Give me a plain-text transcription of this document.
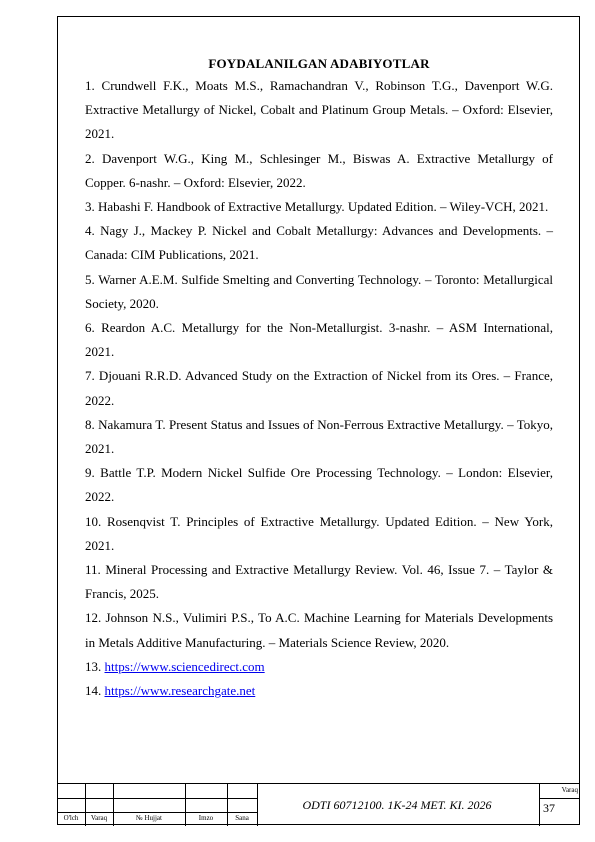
FOYDALANILGAN ADABIYOTLAR

1. Crundwell F.K., Moats M.S., Ramachandran V., Robinson T.G., Davenport W.G. Extractive Metallurgy of Nickel, Cobalt and Platinum Group Metals. – Oxford: Elsevier, 2021.

2. Davenport W.G., King M., Schlesinger M., Biswas A. Extractive Metallurgy of Copper. 6-nashr. – Oxford: Elsevier, 2022.

3. Habashi F. Handbook of Extractive Metallurgy. Updated Edition. – Wiley-VCH, 2021.

4. Nagy J., Mackey P. Nickel and Cobalt Metallurgy: Advances and Developments. – Canada: CIM Publications, 2021.

5. Warner A.E.M. Sulfide Smelting and Converting Technology. – Toronto: Metallurgical Society, 2020.

6. Reardon A.C. Metallurgy for the Non-Metallurgist. 3-nashr. – ASM International, 2021.

7. Djouani R.R.D. Advanced Study on the Extraction of Nickel from its Ores. – France, 2022.

8. Nakamura T. Present Status and Issues of Non-Ferrous Extractive Metallurgy. – Tokyo, 2021.

9. Battle T.P. Modern Nickel Sulfide Ore Processing Technology. – London: Elsevier, 2022.

10. Rosenqvist T. Principles of Extractive Metallurgy. Updated Edition. – New York, 2021.

11. Mineral Processing and Extractive Metallurgy Review. Vol. 46, Issue 7. – Taylor & Francis, 2025.

12. Johnson N.S., Vulimiri P.S., To A.C. Machine Learning for Materials Developments in Metals Additive Manufacturing. – Materials Science Review, 2020.

13. https://www.sciencedirect.com

14. https://www.researchgate.net

O'lch	Varaq	№ Hujjat	Imzo	Sana
ODTI 60712100. 1K-24 MET. KI. 2026
Varaq
37
